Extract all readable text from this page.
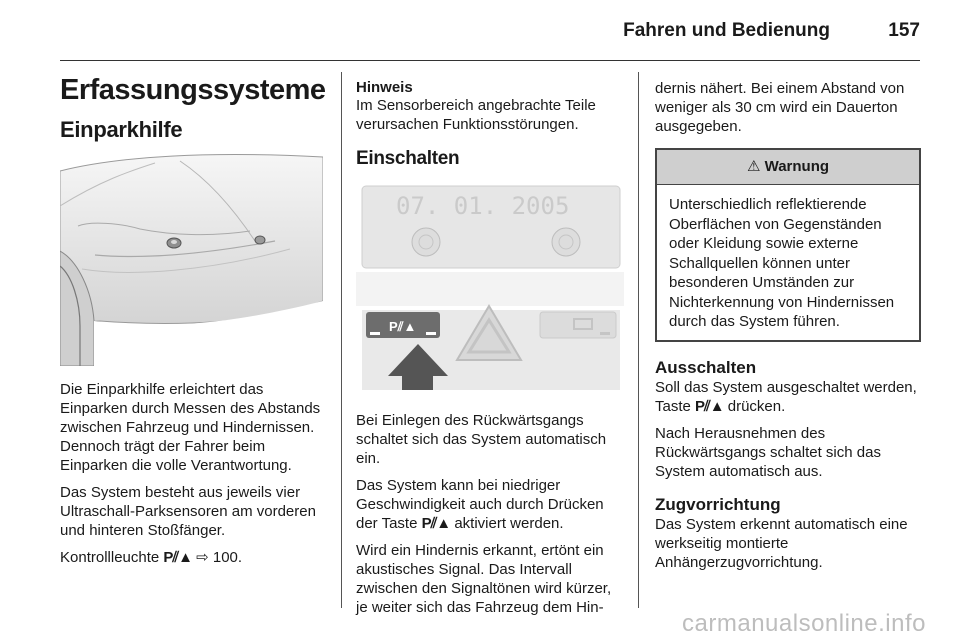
Fahren und Bedienung	157
Erfassungssysteme
Einparkhilfe

Die Einparkhilfe erleichtert das Einparken durch Messen des Abstands zwischen Fahrzeug und Hindernissen. Dennoch trägt der Fahrer beim Einparken die volle Verantwortung.

Das System besteht aus jeweils vier Ultraschall-Parksensoren am vorderen und hinteren Stoßfänger.

Kontrollleuchte P⫽▲ ⇨ 100.

Hinweis

Im Sensorbereich angebrachte Teile verursachen Funktionsstörungen.

Einschalten
07. 01. 2005
P⫽▲

Bei Einlegen des Rückwärtsgangs schaltet sich das System automatisch ein.

Das System kann bei niedriger Geschwindigkeit auch durch Drücken der Taste P⫽▲ aktiviert werden.

Wird ein Hindernis erkannt, ertönt ein akustisches Signal. Das Intervall zwischen den Signaltönen wird kürzer, je weiter sich das Fahrzeug dem Hin-

dernis nähert. Bei einem Abstand von weniger als 30 cm wird ein Dauerton ausgegeben.

⚠ Warnung
Unterschiedlich reflektierende Oberflächen von Gegenständen oder Kleidung sowie externe Schallquellen können unter besonderen Umständen zur Nichterkennung von Hindernissen durch das System führen.
Ausschalten

Soll das System ausgeschaltet werden, Taste P⫽▲ drücken.

Nach Herausnehmen des Rückwärtsgangs schaltet sich das System automatisch aus.

Zugvorrichtung

Das System erkennt automatisch eine werkseitig montierte Anhängerzugvorrichtung.

carmanualsonline.info
